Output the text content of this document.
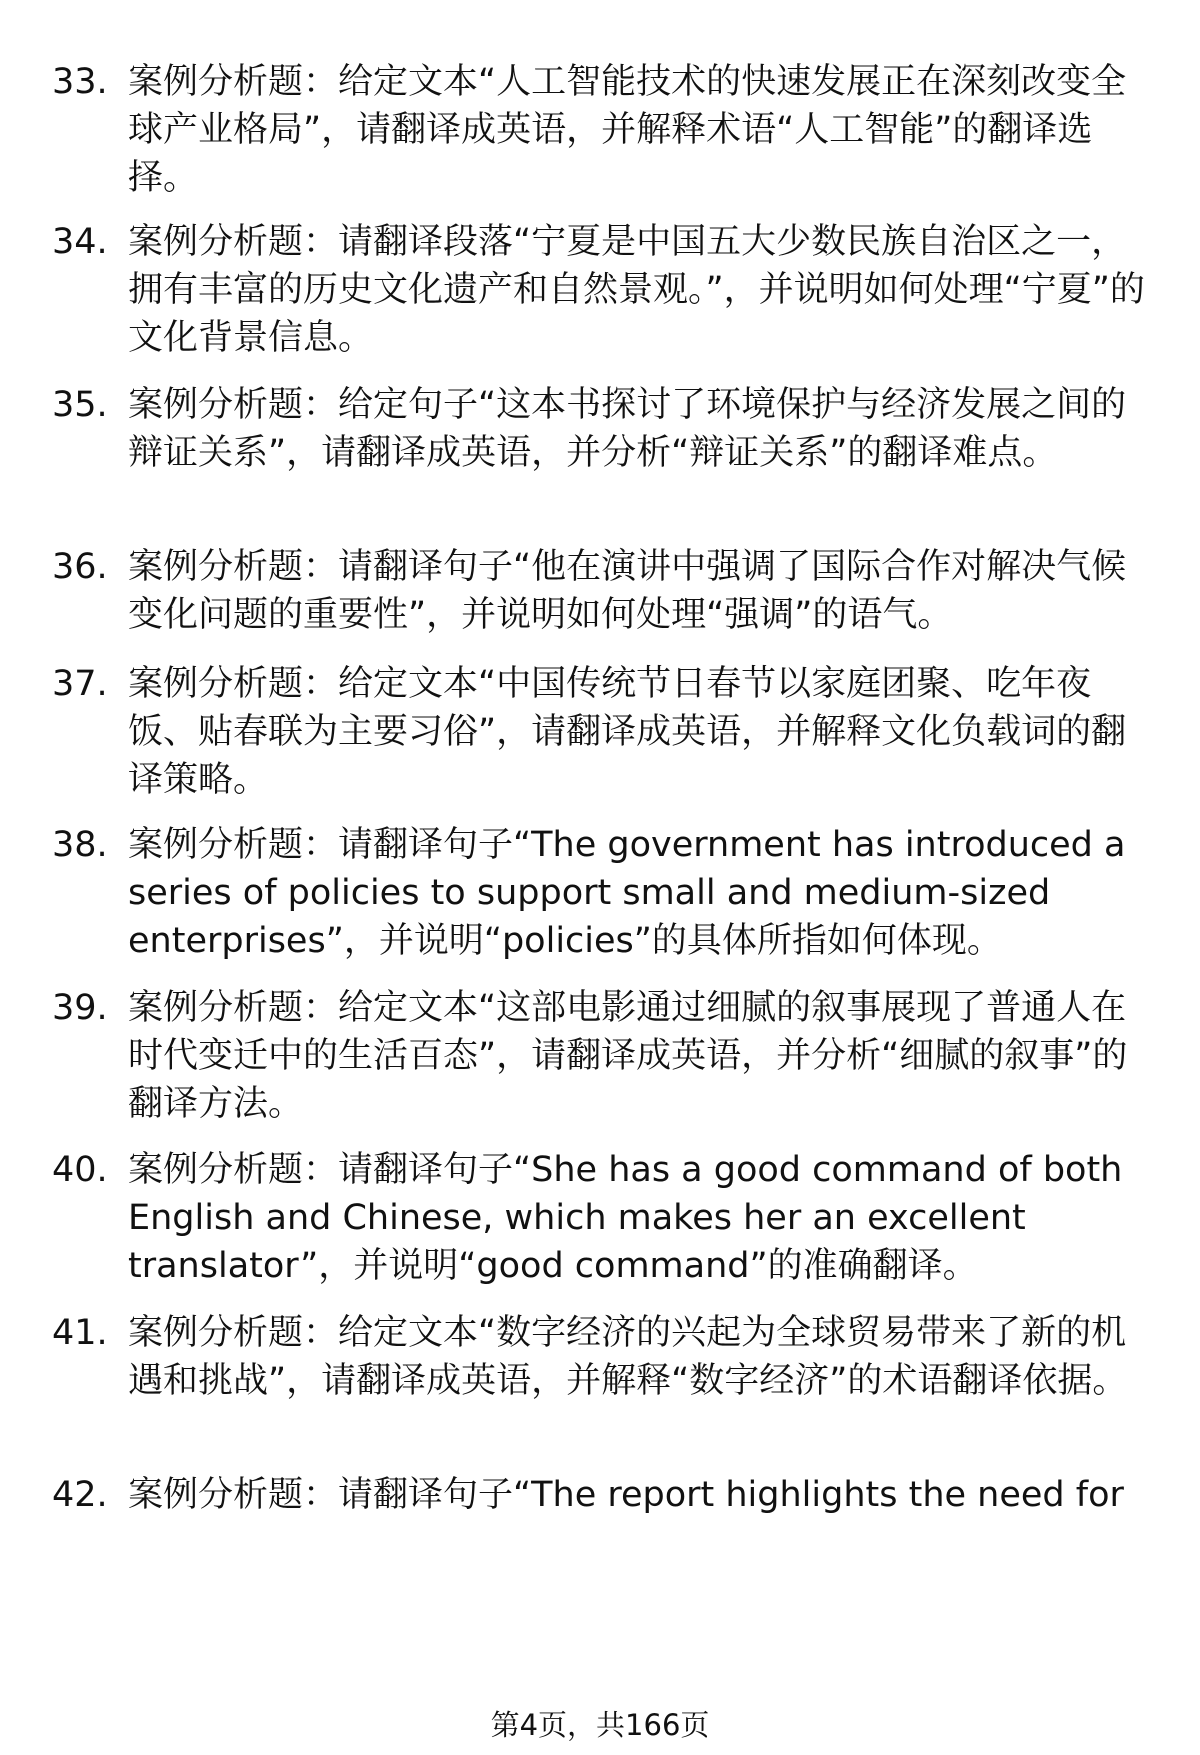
33. 案例分析题：给定文本“人工智能技术的快速发展正在深刻改变全球产业格局”，请翻译成英语，并解释术语“人工智能”的翻译选择。
34. 案例分析题：请翻译段落“宁夏是中国五大少数民族自治区之一，拥有丰富的历史文化遗产和自然景观。”，并说明如何处理“宁夏”的文化背景信息。
35. 案例分析题：给定句子“这本书探讨了环境保护与经济发展之间的辩证关系”，请翻译成英语，并分析“辩证关系”的翻译难点。
36. 案例分析题：请翻译句子“他在演讲中强调了国际合作对解决气候变化问题的重要性”，并说明如何处理“强调”的语气。
37. 案例分析题：给定文本“中国传统节日春节以家庭团聚、吃年夜饭、贴春联为主要习俗”，请翻译成英语，并解释文化负载词的翻译策略。
38. 案例分析题：请翻译句子“The government has introduced a series of policies to support small and medium-sized enterprises”，并说明“policies”的具体所指如何体现。
39. 案例分析题：给定文本“这部电影通过细腻的叙事展现了普通人在时代变迁中的生活百态”，请翻译成英语，并分析“细腻的叙事”的翻译方法。
40. 案例分析题：请翻译句子“She has a good command of both English and Chinese, which makes her an excellent translator”，并说明“good command”的准确翻译。
41. 案例分析题：给定文本“数字经济的兴起为全球贸易带来了新的机遇和挑战”，请翻译成英语，并解释“数字经济”的术语翻译依据。
42. 案例分析题：请翻译句子“The report highlights the need for
第4页，共166页
